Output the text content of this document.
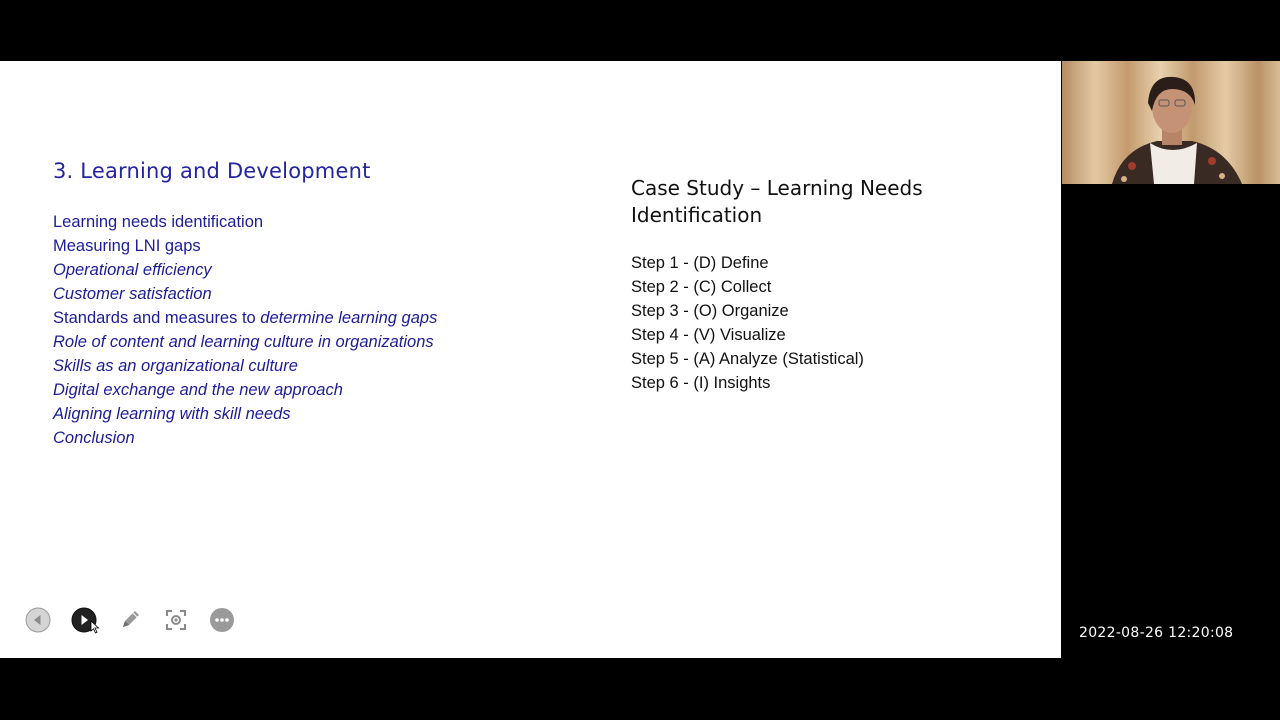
3. Learning and Development
Learning needs identification
Measuring LNI gaps
Operational efficiency
Customer satisfaction
Standards and measures to determine learning gaps
Role of content and learning culture in organizations
Skills as an organizational culture
Digital exchange and the new approach
Aligning learning with skill needs
Conclusion
Case Study – Learning Needs Identification
Step 1 - (D) Define
Step 2 - (C) Collect
Step 3 - (O) Organize
Step 4 - (V) Visualize
Step 5 - (A) Analyze (Statistical)
Step 6 - (I) Insights
2022-08-26 12:20:08
